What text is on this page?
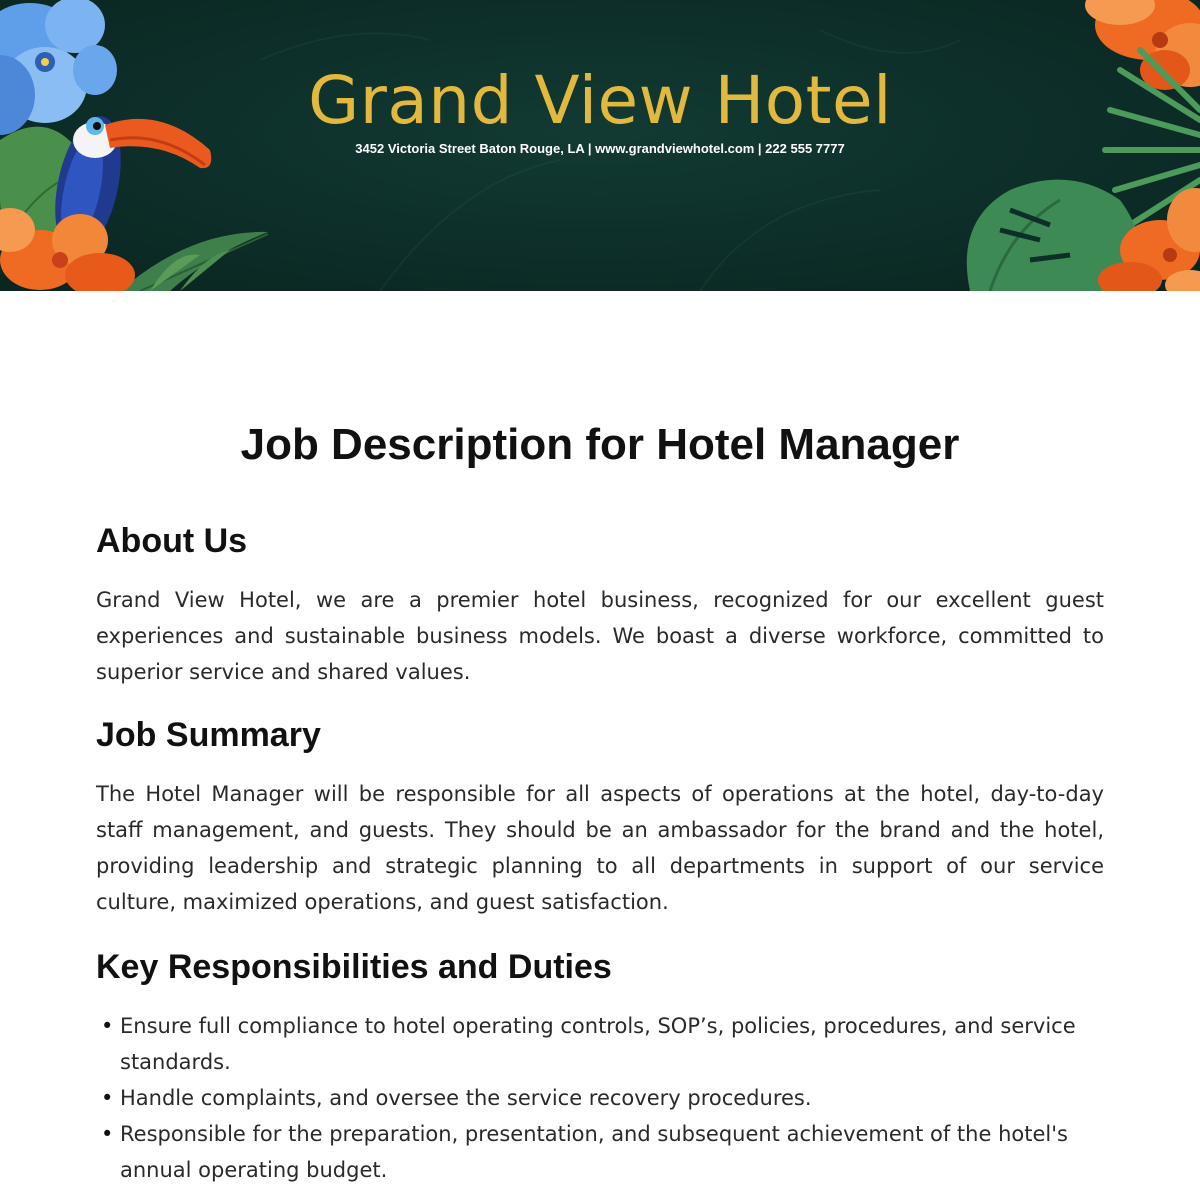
Grand View Hotel
3452 Victoria Street Baton Rouge, LA | www.grandviewhotel.com | 222 555 7777
Job Description for Hotel Manager
About Us

Grand View Hotel, we are a premier hotel business, recognized for our excellent guest experiences and sustainable business models. We boast a diverse workforce, committed to superior service and shared values.

Job Summary

The Hotel Manager will be responsible for all aspects of operations at the hotel, day-to-day staff management, and guests. They should be an ambassador for the brand and the hotel, providing leadership and strategic planning to all departments in support of our service culture, maximized operations, and guest satisfaction.

Key Responsibilities and Duties
• Ensure full compliance to hotel operating controls, SOP’s, policies, procedures, and service standards.
• Handle complaints, and oversee the service recovery procedures.
• Responsible for the preparation, presentation, and subsequent achievement of the hotel's annual operating budget.
